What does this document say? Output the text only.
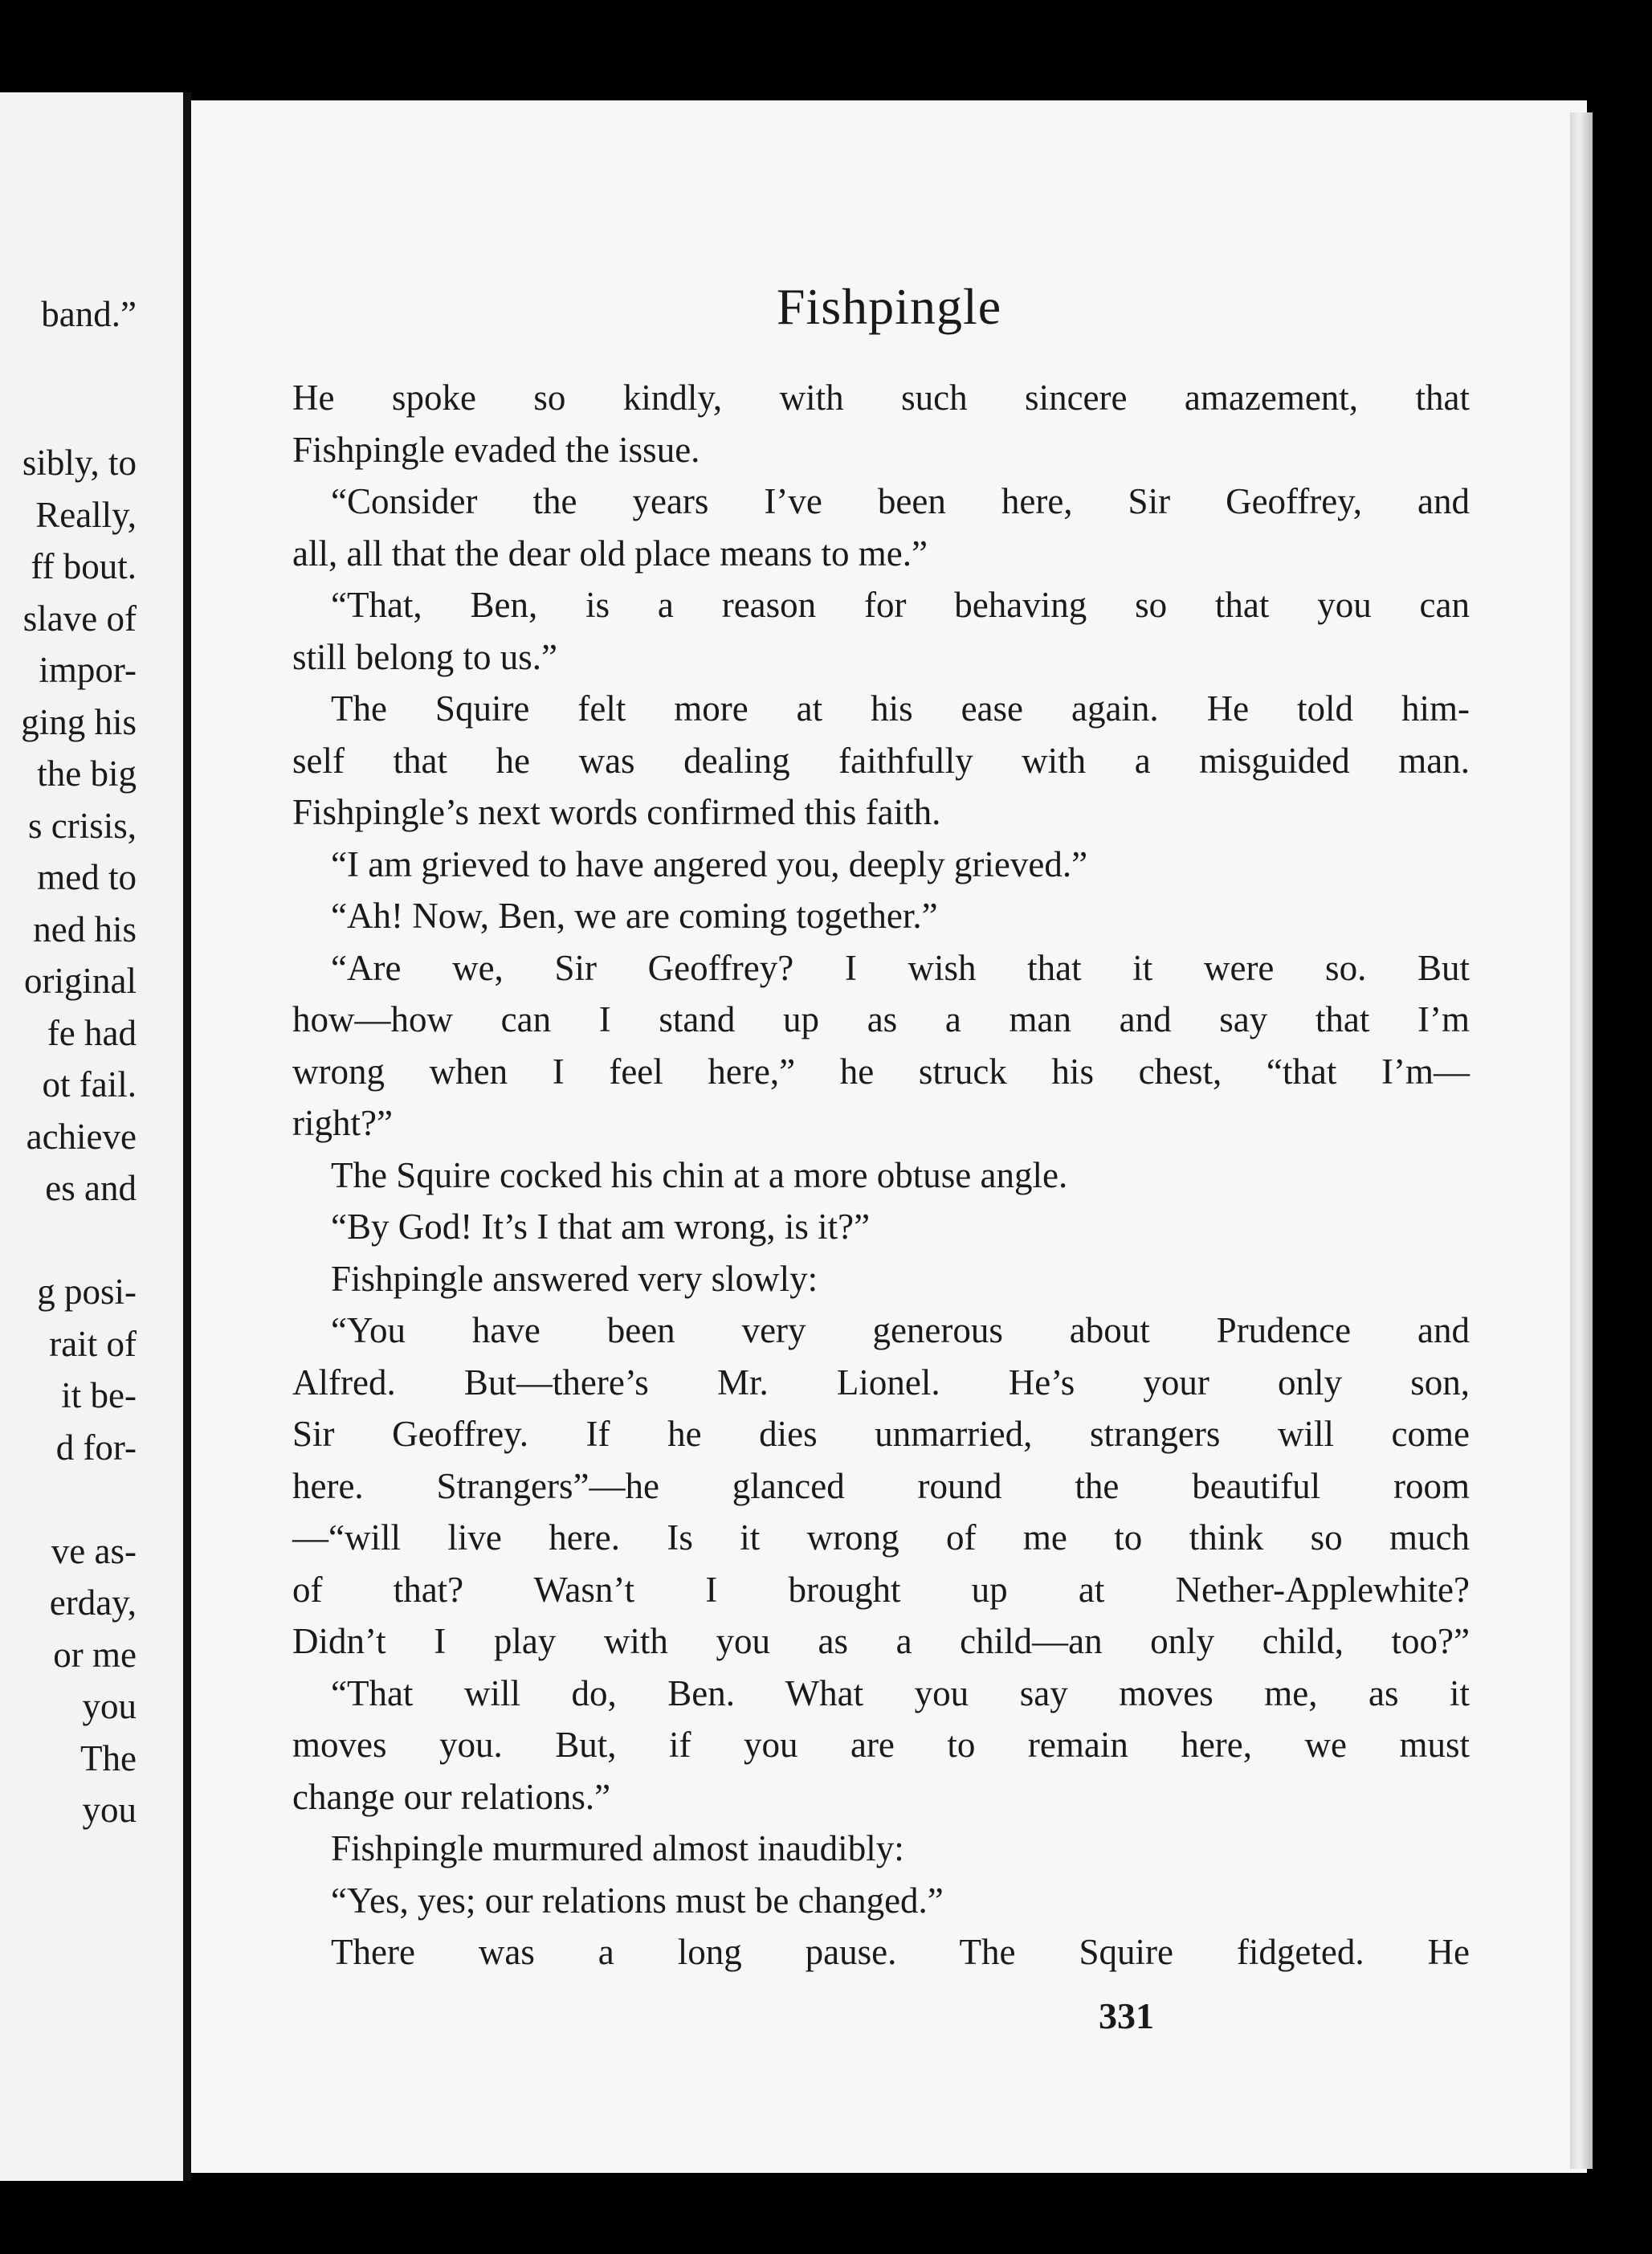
band.”
sibly, to
Really,
ff bout.
slave of
impor-
ging his
the big
s crisis,
med to
ned his
original
fe had
ot fail.
achieve
es and
g posi-
rait of
it be-
d for-
ve as-
erday,
or me
you
The
you
Fishpingle
He spoke so kindly, with such sincere amazement, that
Fishpingle evaded the issue.
“Consider the years I’ve been here, Sir Geoffrey, and
all, all that the dear old place means to me.”
“That, Ben, is a reason for behaving so that you can
still belong to us.”
The Squire felt more at his ease again. He told him-
self that he was dealing faithfully with a misguided man.
Fishpingle’s next words confirmed this faith.
“I am grieved to have angered you, deeply grieved.”
“Ah! Now, Ben, we are coming together.”
“Are we, Sir Geoffrey? I wish that it were so. But
how—how can I stand up as a man and say that I’m
wrong when I feel here,” he struck his chest, “that I’m—
right?”
The Squire cocked his chin at a more obtuse angle.
“By God! It’s I that am wrong, is it?”
Fishpingle answered very slowly:
“You have been very generous about Prudence and
Alfred. But—there’s Mr. Lionel. He’s your only son,
Sir Geoffrey. If he dies unmarried, strangers will come
here. Strangers”—he glanced round the beautiful room
—“will live here. Is it wrong of me to think so much
of that? Wasn’t I brought up at Nether-Applewhite?
Didn’t I play with you as a child—an only child, too?”
“That will do, Ben. What you say moves me, as it
moves you. But, if you are to remain here, we must
change our relations.”
Fishpingle murmured almost inaudibly:
“Yes, yes; our relations must be changed.”
There was a long pause. The Squire fidgeted. He
331
